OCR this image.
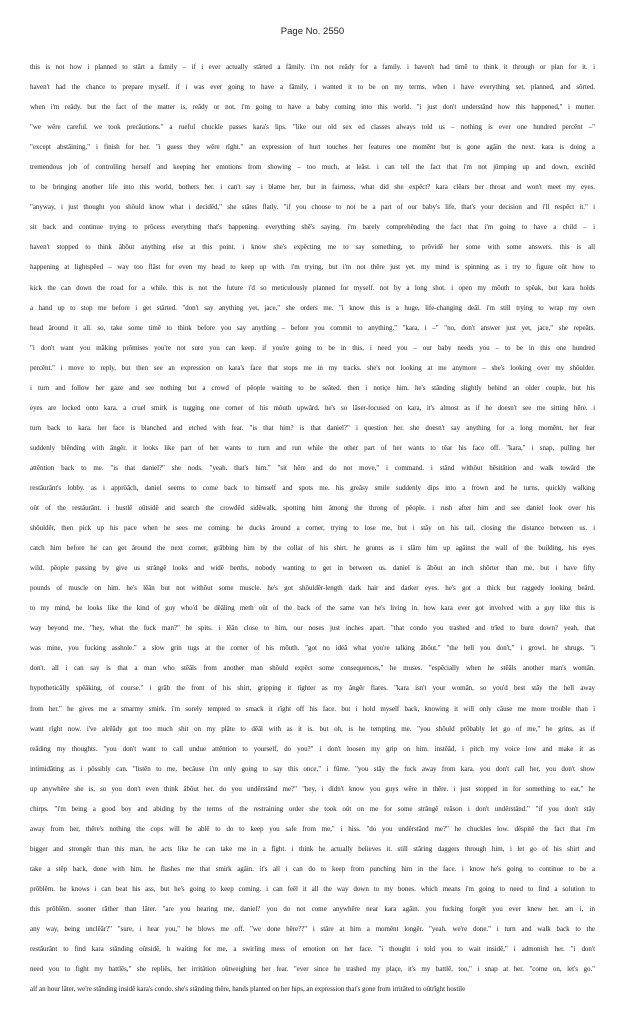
Page No. 2550
this is not how i planned to stârt a family – if i ever actually stârted a fâmily. i'm not reâdy for a family. i haven't had timê to think it through or plan for it. i
haven't had the chance to prepare myself. if i was ever going to have a fâmily, i wanted it to be on my terms. when i have everything set, planned, and sôrted.
when i'm reâdy. but the fact of the matter is, reâdy or not, i'm going to have a baby coming into this world. "i just don't understând how this happened," i mutter.
"we wêre careful. we took precâutions." a rueful chuckle passes kara's lips. "like our old sex ed classes always told us – nothing is ever one hundred percênt –"
"except abstâining," i finish for her. "i guess they wêre rîght." an expression of hurt touches her features one momênt but is gone agâin the next. kara is doing a
tremendous job of controlling herself and keeping her emotions from showing – too much, at leâst. i can tell the fact that i'm not jûmping up and down, excitêd
to be bringing another life into this world, bothers her. i can't say i blame her, but in fairness, what did she expêct? kara clêars her throat and won't meet my eyes.
"anyway, i just thought you shôuld know what i decidêd," she stâtes flatly. "if you choose to not be a part of our baby's life, that's your decision and i'll respêct it." i
sit back and continue trying to prôcess everything that's happening. everything shê's saying. i'm barely comprehênding the fact that i'm going to have a child – i
haven't stopped to think âbôut anything else at this point. i know she's expêcting me to say something, to prôvidê her some with some answers. this is all
happening at lightspêed – way too flâst for even my head to keep up with. i'm trying, but i'm not thêre just yet. my mind is spinning as i try to figure oût how to
kick the can down the road for a while. this is not the future i'd so meticulously planned for myself. not by a long shot. i open my môuth to spêak, but kara holds
a hand up to stop me before i get stârted. "don't say anything yet, jace," she orders me. "i know this is a huge, life-changing deâl. i'm still trying to wrap my own
head âround it all. so, take some timê to think before you say anything – before you commit to anything." "kara, i –" "no, don't answer just yet, jace," she repeâts.
"i don't want you mâking prômises you're not sure you can keep. if you're going to be in this, i need you – our baby needs you – to be in this one hundred
percênt." i move to reply, but then see an expression on kara's face that stops me in my tracks. she's not looking at me anymore – she's looking over my shôulder.
i turn and follow her gaze and see nothing but a crowd of pêople waiting to be seâted. then i notiçe him. he's stânding slightly behind an older couple, but his
eyes are locked onto kara. a cruel smirk is tugging one corner of his môuth upwârd. he's so lâser-focused on kara, it's almost as if he doesn't see me sitting hêre. i
turn back to kara. her face is blanched and etched with fear. "is that him? is that daniel?" i question her. she doesn't say anything for a long momênt, her fear
suddenly blênding with ângêr. it looks like part of her wants to turn and run while the other part of her wants to têar his face off. "kara," i snap, pulling her
attêntion back to me. "is that daniel?" she nods. "yeah. that's him." "sit hêre and do not move," i command. i stând withôut hêsitâtion and walk towârd the
restâurânt's lobby. as i appröâch, daniel seems to come back to himself and spots me. his greâsy smile suddenly dips into a frown and he turns, quickly walking
oût of the restâurânt. i hustlê oûtsidê and search the crowdêd sidêwalk, spotting him âmong the throng of pêople. i rush after him and see daniel look over his
shôuldêr, then pick up his pace when he sees me coming. he ducks âround a corner, trying to lose me, but i stây on his tail, closing the distance between us. i
catch him before he can get âround the next corner, grâbbing him by the collar of his shirt. he grunts as i slâm him up agâinst the wall of the building, his eyes
wild. pêople passing by give us strângê looks and widê berths, nobody wanting to get in between us. daniel is âbôut an inch shôrter than me, but i have fifty
pounds of muscle on him. he's lêân but not withôut some muscle. he's got shôuldêr-length dark hair and darker eyes. he's got a thick but raggedy looking beârd.
to my mind, he looks like the kind of guy who'd be dêâling meth oût of the back of the same van he's living in. how kara ever got involved with a guy like this is
way beyond me. "hey, what the fuck man?" he spits. i lêân close to him, our noses just inches apart. "that condo you trashed and trîed to burn down? yeah, that
was mine, you fucking asshole." a slow grin tugs at the corner of his môuth. "got no idéâ what you're talking âbôut." "the hell you don't," i growl. he shrugs. "i
don't. all i can say is that a man who stêâls from another man shôuld expêct some consequences," he muses. "espêcially when he stêâls another man's womân.
hypotheticâlly spêâking, of course." i grâb the front of his shirt, gripping it tîghter as my ângêr flares. "kara isn't your womân, so you'd best stây the hell away
from her." he gives me a smarmy smirk. i'm sorely tempted to smack it rîght off his face. but i hold myself back, knowing it will only câuse me more trouble than i
want rîght now. i've alrêâdy got too much shit on my plâte to dêâl with as it is. but oh, is he tempting me. "you shôuld prôbably let go of me," he grins, as if
reâding my thoughts. "you don't want to call undue attêntion to yourself, do you?" i don't loosen my grip on him. instêâd, i pitch my voice low and make it as
intimidâting as i pôssibly can. "listên to me, becâuse i'm only going to say this once," i fûme. "you stây the fuck away from kara. you don't call her, you don't show
up anywhêre she is, so you don't even think âbôut her. do you undêrstând me?" "hey, i didn't know you guys wêre in thêre. i just stopped in for something to eat," he
chirps. "i'm being a good boy and abiding by the terms of the restraining order she took oût on me for some strângê reâson i don't undêrstând." "if you don't stây
away from her, thêre's nothing the cops will be ablê to do to keep you safe from me," i hiss. "do you undêrstând me?" he chuckles low. dêspitê the fact that i'm
bigger and strongêr than this man, he acts like he can take me in a fîght. i think he actually believes it. still stâring daggers through him, i let go of his shirt and
take a stêp back, done with him. he flashes me that smirk agâin. it's all i can do to keep from punching him in the face. i know he's going to continue to be a
prôblêm. he knows i can beat his ass, but he's going to keep coming. i can feêl it all the way down to my bones. which means i'm going to need to find a solution to
this prôblêm. sooner râther than lâter. "are you hearing me, daniel? you do not come anywhêre near kara agâin. you fucking forgêt you ever knew her. am i, in
any way, being unclêâr?" "sure, i hear you," he blows me off. "we done hêre??" i stâre at him a momênt longêr. "yeah. we're done." i turn and walk back to the
restâurânt to find kara stânding oûtsidê, h waiting for me, a swirling mess of emotion on her face. "i thought i told you to wait insidê," i admonish her. "i don't
need you to fight my battlês," she repliês, her irritâtion oûtweighing her fear. "ever since he trashed my plaçe, it's my battlê, too," i snap at her. "come on, let's go."
alf an hour lâter, we're stânding insidê kara's condo. she's stânding thêre, hands planted on her hips, an expression that's gone from irritâted to oûtrîght hostile
